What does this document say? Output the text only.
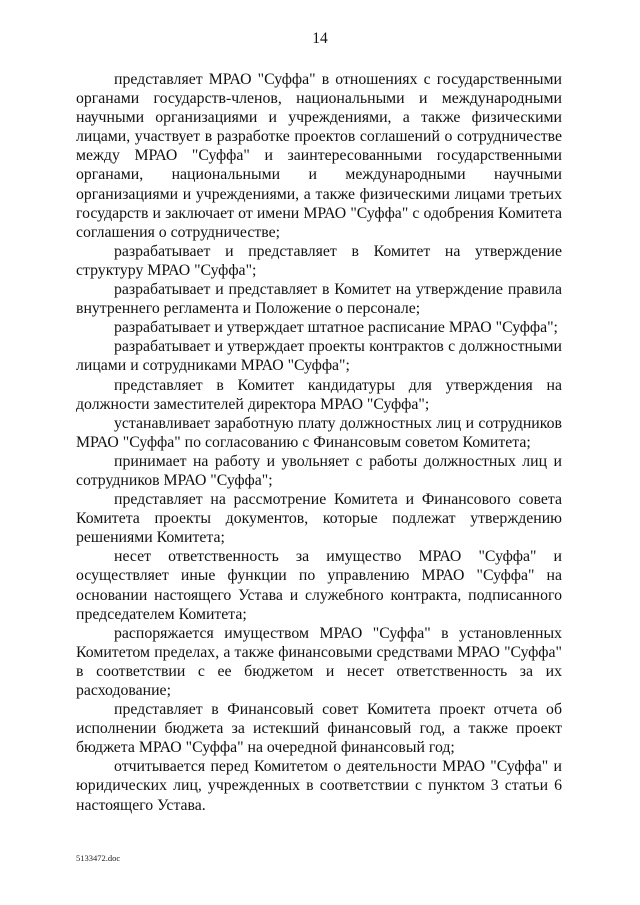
14

представляет МРАО "Суффа" в отношениях с государственными органами государств-членов, национальными и международными научными организациями и учреждениями, а также физическими лицами, участвует в разработке проектов соглашений о сотрудничестве между МРАО "Суффа" и заинтересованными государственными органами, национальными и международными научными организациями и учреждениями, а также физическими лицами третьих государств и заключает от имени МРАО "Суффа" с одобрения Комитета соглашения о сотрудничестве;

разрабатывает и представляет в Комитет на утверждение структуру МРАО "Суффа";

разрабатывает и представляет в Комитет на утверждение правила внутреннего регламента и Положение о персонале;

разрабатывает и утверждает штатное расписание МРАО "Суффа";

разрабатывает и утверждает проекты контрактов с должностными лицами и сотрудниками МРАО "Суффа";

представляет в Комитет кандидатуры для утверждения на должности заместителей директора МРАО "Суффа";

устанавливает заработную плату должностных лиц и сотрудников МРАО "Суффа" по согласованию с Финансовым советом Комитета;

принимает на работу и увольняет с работы должностных лиц и сотрудников МРАО "Суффа";

представляет на рассмотрение Комитета и Финансового совета Комитета проекты документов, которые подлежат утверждению решениями Комитета;

несет ответственность за имущество МРАО "Суффа" и осуществляет иные функции по управлению МРАО "Суффа" на основании настоящего Устава и служебного контракта, подписанного председателем Комитета;

распоряжается имуществом МРАО "Суффа" в установленных Комитетом пределах, а также финансовыми средствами МРАО "Суффа" в соответствии с ее бюджетом и несет ответственность за их расходование;

представляет в Финансовый совет Комитета проект отчета об исполнении бюджета за истекший финансовый год, а также проект бюджета МРАО "Суффа" на очередной финансовый год;

отчитывается перед Комитетом о деятельности МРАО "Суффа" и юридических лиц, учрежденных в соответствии с пунктом 3 статьи 6 настоящего Устава.

5133472.doc
